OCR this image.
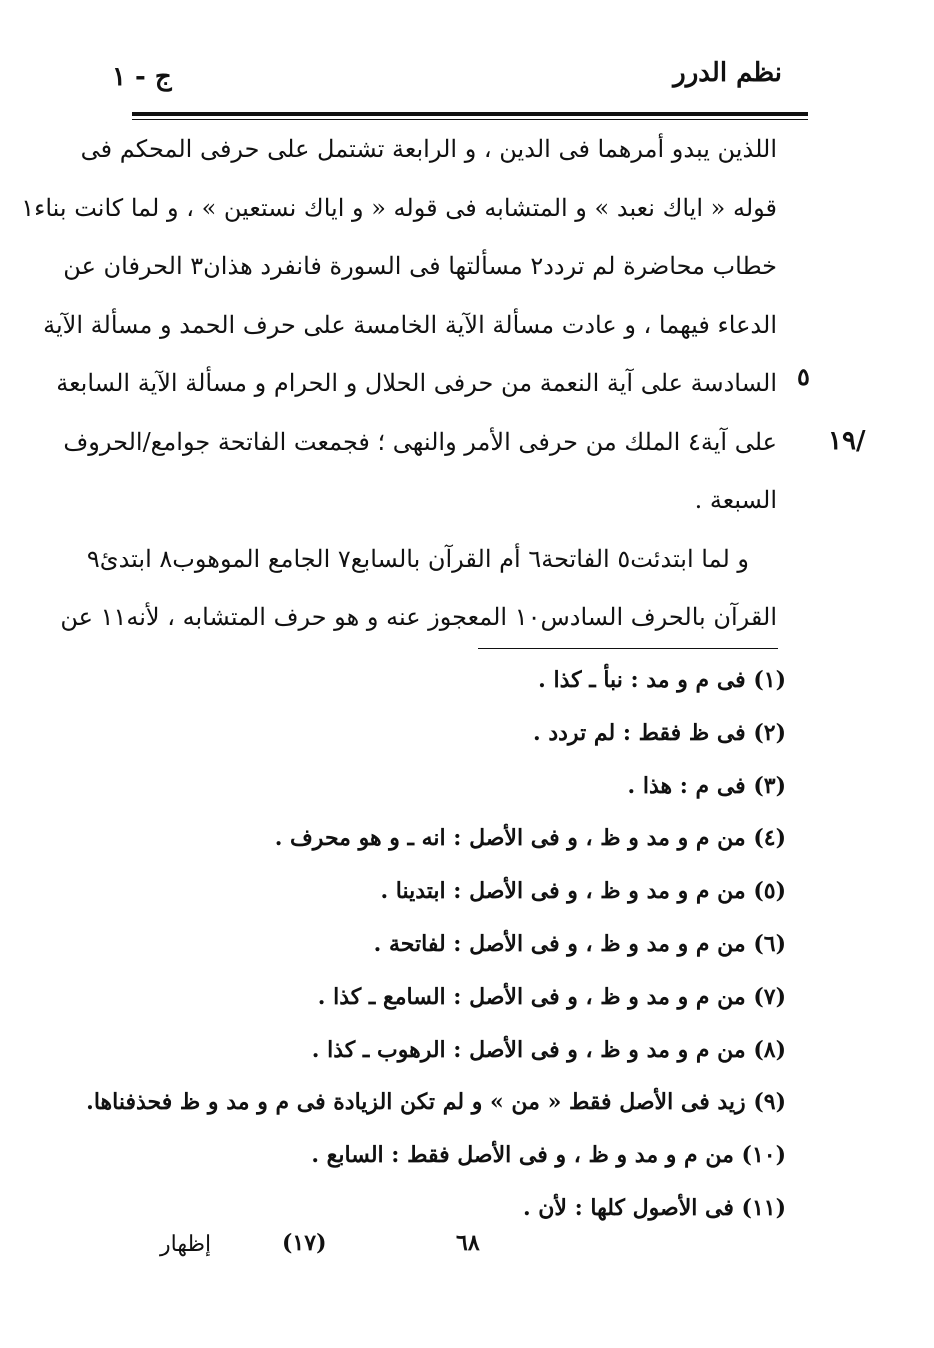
نظم الدرر
ج - ١
٥
/١٩
اللذين يبدو أمرهما فى الدين ، و الرابعة تشتمل على حرفى المحكم فى
قوله « اياك نعبد » و المتشابه فى قوله « و اياك نستعين » ، و لما كانت بناء١
خطاب محاضرة لم تردد٢ مسألتها فى السورة فانفرد هذان٣ الحرفان عن
الدعاء فيهما ، و عادت مسألة الآية الخامسة على حرف الحمد و مسألة الآية
السادسة على آية النعمة من حرفى الحلال و الحرام و مسألة الآية السابعة
على آية٤ الملك من حرفى الأمر والنهى ؛ فجمعت الفاتحة جوامع/الحروف
السبعة .
و لما ابتدئت٥ الفاتحة٦ أم القرآن بالسابع٧ الجامع الموهوب٨ ابتدئ٩
القرآن بالحرف السادس١٠ المعجوز عنه و هو حرف المتشابه ، لأنه١١ عن
(١) فى م و مد : نبأ ـ كذا .
(٢) فى ظ فقط : لم تردد .
(٣) فى م : هذا .
(٤) من م و مد و ظ ، و فى الأصل : انه ـ و هو محرف .
(٥) من م و مد و ظ ، و فى الأصل : ابتدينا .
(٦) من م و مد و ظ ، و فى الأصل : لفاتحة .
(٧) من م و مد و ظ ، و فى الأصل : السامع ـ كذا .
(٨) من م و مد و ظ ، و فى الأصل : الرهوب ـ كذا .
(٩) زيد فى الأصل فقط « من » و لم تكن الزيادة فى م و مد و ظ فحذفناها.
(١٠) من م و مد و ظ ، و فى الأصل فقط : السابع .
(١١) فى الأصول كلها : لأن .
إظهار	(١٧)	٦٨
